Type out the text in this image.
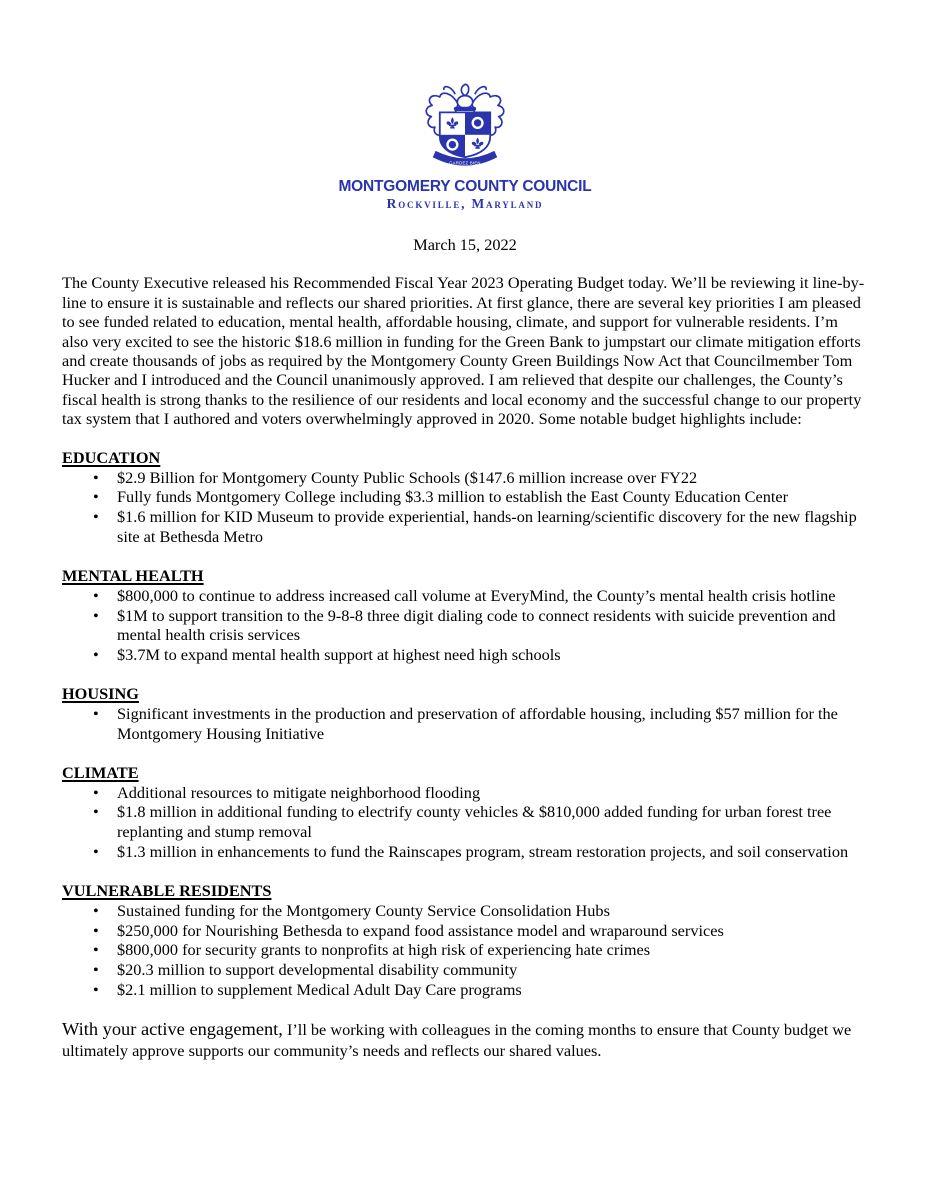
GARDEZ BIEN
MONTGOMERY COUNTY COUNCIL
Rockville, Maryland
March 15, 2022

The County Executive released his Recommended Fiscal Year 2023 Operating Budget today. We’ll be reviewing it line-by-line to ensure it is sustainable and reflects our shared priorities. At first glance, there are several key priorities I am pleased to see funded related to education, mental health, affordable housing, climate, and support for vulnerable residents. I’m also very excited to see the historic $18.6 million in funding for the Green Bank to jumpstart our climate mitigation efforts and create thousands of jobs as required by the Montgomery County Green Buildings Now Act that Councilmember Tom Hucker and I introduced and the Council unanimously approved. I am relieved that despite our challenges, the County’s fiscal health is strong thanks to the resilience of our residents and local economy and the successful change to our property tax system that I authored and voters overwhelmingly approved in 2020. Some notable budget highlights include:

EDUCATION
• $2.9 Billion for Montgomery County Public Schools ($147.6 million increase over FY22
• Fully funds Montgomery College including $3.3 million to establish the East County Education Center
• $1.6 million for KID Museum to provide experiential, hands-on learning/scientific discovery for the new flagship site at Bethesda Metro
MENTAL HEALTH
• $800,000 to continue to address increased call volume at EveryMind, the County’s mental health crisis hotline
• $1M to support transition to the 9-8-8 three digit dialing code to connect residents with suicide prevention and mental health crisis services
• $3.7M to expand mental health support at highest need high schools
HOUSING
• Significant investments in the production and preservation of affordable housing, including $57 million for the Montgomery Housing Initiative
CLIMATE
• Additional resources to mitigate neighborhood flooding
• $1.8 million in additional funding to electrify county vehicles & $810,000 added funding for urban forest tree replanting and stump removal
• $1.3 million in enhancements to fund the Rainscapes program, stream restoration projects, and soil conservation
VULNERABLE RESIDENTS
• Sustained funding for the Montgomery County Service Consolidation Hubs
• $250,000 for Nourishing Bethesda to expand food assistance model and wraparound services
• $800,000 for security grants to nonprofits at high risk of experiencing hate crimes
• $20.3 million to support developmental disability community
• $2.1 million to supplement Medical Adult Day Care programs

With your active engagement, I’ll be working with colleagues in the coming months to ensure that County budget we ultimately approve supports our community’s needs and reflects our shared values.
